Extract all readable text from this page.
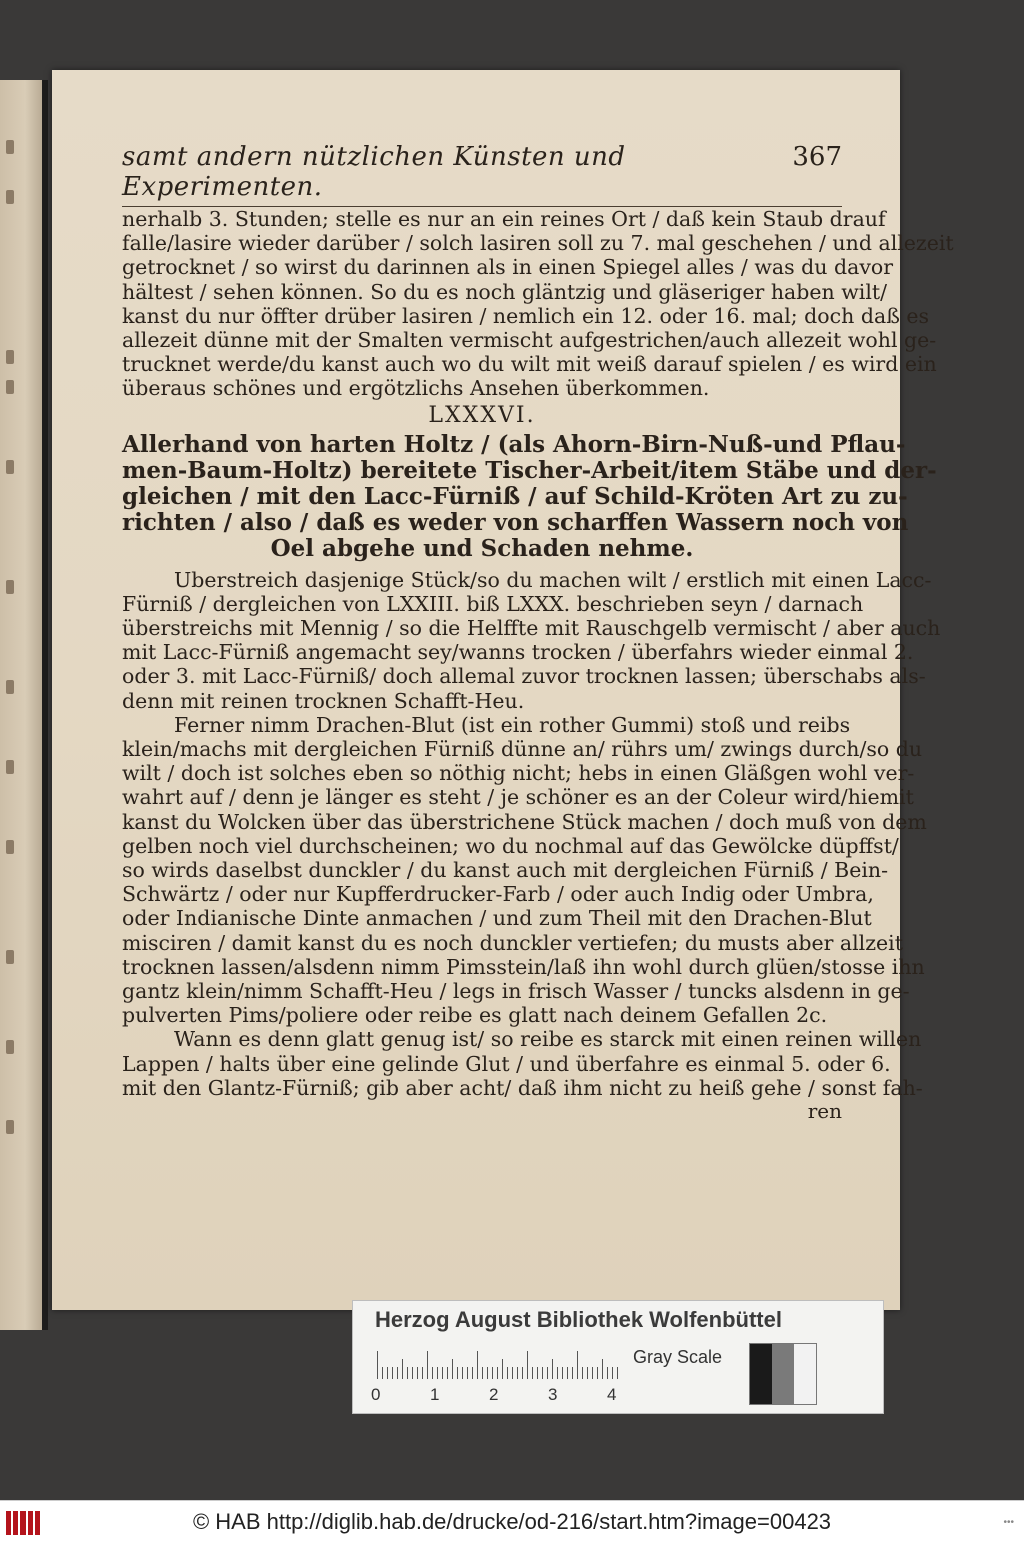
samt andern nützlichen Künsten und Experimenten.
367
nerhalb 3. Stunden; stelle es nur an ein reines Ort / daß kein Staub drauf
falle/lasire wieder darüber / solch lasiren soll zu 7. mal geschehen / und allezeit
getrocknet / so wirst du darinnen als in einen Spiegel alles / was du davor
hältest / sehen können. So du es noch gläntzig und gläseriger haben wilt/
kanst du nur öffter drüber lasiren / nemlich ein 12. oder 16. mal; doch daß es
allezeit dünne mit der Smalten vermischt aufgestrichen/auch allezeit wohl ge-
trucknet werde/du kanst auch wo du wilt mit weiß darauf spielen / es wird ein
überaus schönes und ergötzlichs Ansehen überkommen.
LXXXVI.
Allerhand von harten Holtz / (als Ahorn-Birn-Nuß-und Pflau-
men-Baum-Holtz) bereitete Tischer-Arbeit/item Stäbe und der-
gleichen / mit den Lacc-Fürniß / auf Schild-Kröten Art zu zu-
richten / also / daß es weder von scharffen Wassern noch von
Oel abgehe und Schaden nehme.
Uberstreich dasjenige Stück/so du machen wilt / erstlich mit einen Lacc-
Fürniß / dergleichen von LXXIII. biß LXXX. beschrieben seyn / darnach
überstreichs mit Mennig / so die Helffte mit Rauschgelb vermischt / aber auch
mit Lacc-Fürniß angemacht sey/wanns trocken / überfahrs wieder einmal 2.
oder 3. mit Lacc-Fürniß/ doch allemal zuvor trocknen lassen; überschabs als-
denn mit reinen trocknen Schafft-Heu.
Ferner nimm Drachen-Blut (ist ein rother Gummi) stoß und reibs
klein/machs mit dergleichen Fürniß dünne an/ rührs um/ zwings durch/so du
wilt / doch ist solches eben so nöthig nicht; hebs in einen Gläßgen wohl ver-
wahrt auf / denn je länger es steht / je schöner es an der Coleur wird/hiemit
kanst du Wolcken über das überstrichene Stück machen / doch muß von dem
gelben noch viel durchscheinen; wo du nochmal auf das Gewölcke düpffst/
so wirds daselbst dunckler / du kanst auch mit dergleichen Fürniß / Bein-
Schwärtz / oder nur Kupfferdrucker-Farb / oder auch Indig oder Umbra,
oder Indianische Dinte anmachen / und zum Theil mit den Drachen-Blut
misciren / damit kanst du es noch dunckler vertiefen; du musts aber allzeit
trocknen lassen/alsdenn nimm Pimsstein/laß ihn wohl durch glüen/stosse ihn
gantz klein/nimm Schafft-Heu / legs in frisch Wasser / tuncks alsdenn in ge-
pulverten Pims/poliere oder reibe es glatt nach deinem Gefallen 2c.
Wann es denn glatt genug ist/ so reibe es starck mit einen reinen willen
Lappen / halts über eine gelinde Glut / und überfahre es einmal 5. oder 6.
mit den Glantz-Fürniß; gib aber acht/ daß ihm nicht zu heiß gehe / sonst fah-
ren
Herzog August Bibliothek Wolfenbüttel
0	1	2	3	4
Gray Scale
© HAB http://diglib.hab.de/drucke/od-216/start.htm?image=00423	•••
